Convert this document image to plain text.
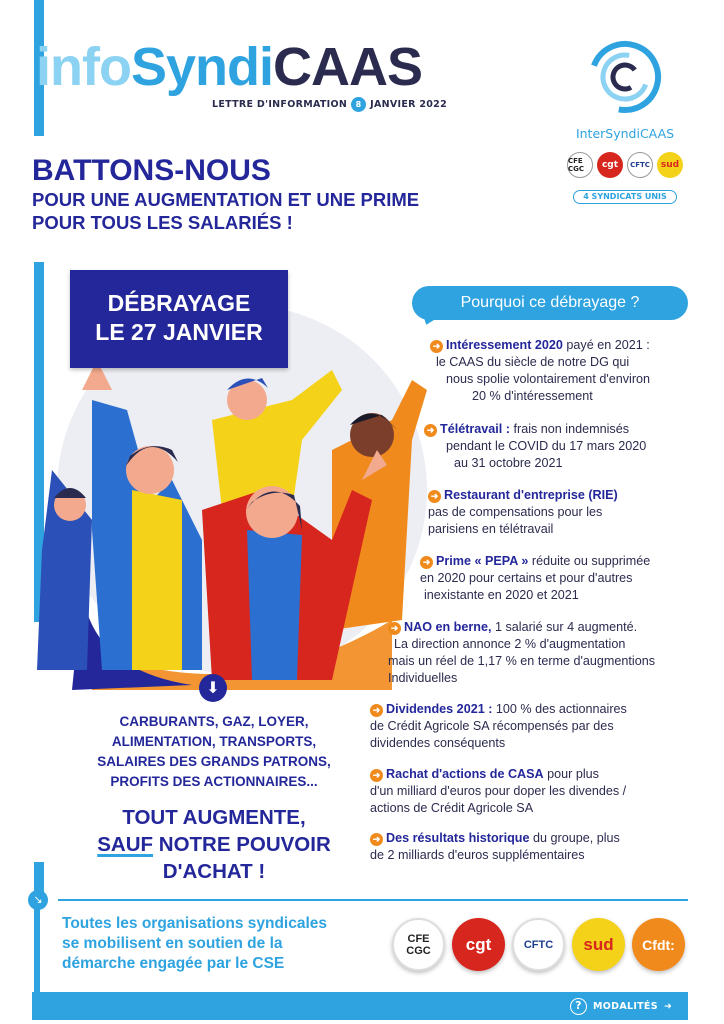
infoSyndiCAAS
LETTRE D'INFORMATION	8 JANVIER 2022
InterSyndiCAAS
CFE CGC	cgt	CFTC	sud
4 SYNDICATS UNIS
BATTONS-NOUS
POUR UNE AUGMENTATION ET UNE PRIME
POUR TOUS LES SALARIÉS !
DÉBRAYAGE
LE 27 JANVIER
Pourquoi ce débrayage ?
➜ Intéressement 2020 payé en 2021 :
le CAAS du siècle de notre DG qui
nous spolie volontairement d'environ
20 % d'intéressement
➜ Télétravail : frais non indemnisés
pendant le COVID du 17 mars 2020
au 31 octobre 2021
➜ Restaurant d'entreprise (RIE)
pas de compensations pour les
parisiens en télétravail
➜ Prime « PEPA » réduite ou supprimée
en 2020 pour certains et pour d'autres
inexistante en 2020 et 2021
➜ NAO en berne, 1 salarié sur 4 augmenté.
La direction annonce 2 % d'augmentation
mais un réel de 1,17 % en terme d'augmentions
Individuelles
➜ Dividendes 2021 : 100 % des actionnaires
de Crédit Agricole SA récompensés par des
dividendes conséquents
➜ Rachat d'actions de CASA pour plus
d'un milliard d'euros pour doper les divendes /
actions de Crédit Agricole SA
➜ Des résultats historique du groupe, plus
de 2 milliards d'euros supplémentaires
⬇
CARBURANTS, GAZ, LOYER,
ALIMENTATION, TRANSPORTS,
SALAIRES DES GRANDS PATRONS,
PROFITS DES ACTIONNAIRES...
TOUT AUGMENTE,
SAUF NOTRE POUVOIR
D'ACHAT !
↘
Toutes les organisations syndicales
se mobilisent en soutien de la
démarche engagée par le CSE
CFE CGC	cgt	CFTC	sud	Cfdt:
?	MODALITÉS ➜
